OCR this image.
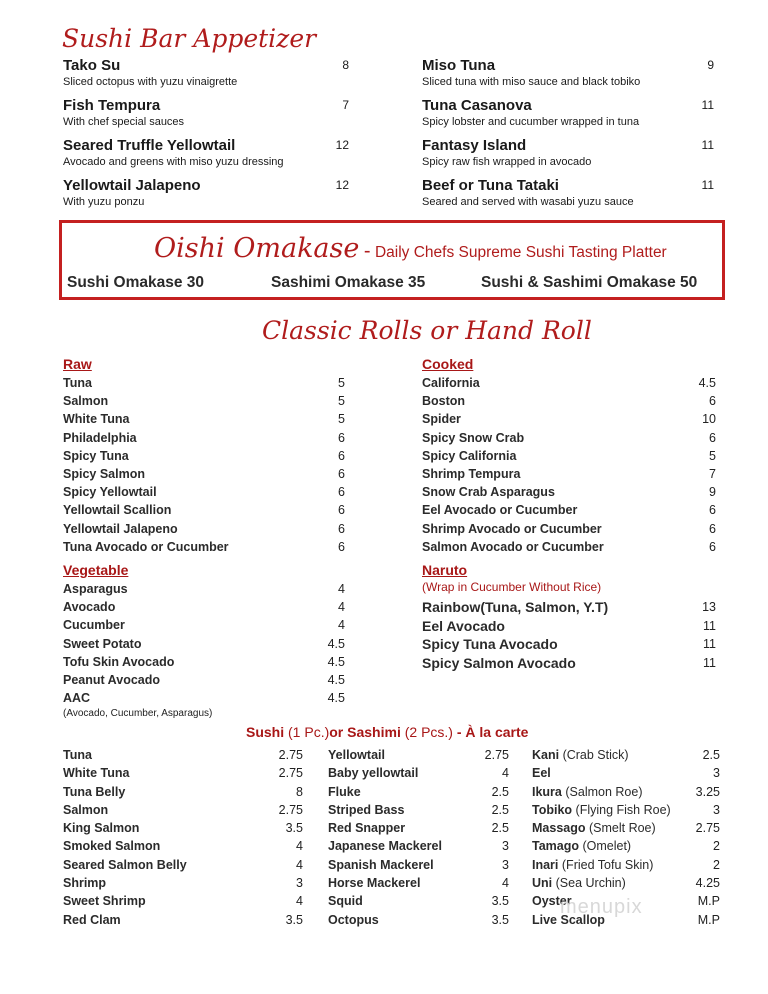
Sushi Bar Appetizer
Tako Su
Sliced octopus with yuzu vinaigrette
8
Fish Tempura
With chef special sauces
7
Seared Truffle Yellowtail
Avocado and greens with miso yuzu dressing
12
Yellowtail Jalapeno
With yuzu ponzu
12
Miso Tuna
Sliced tuna with miso sauce and black tobiko
9
Tuna Casanova
Spicy lobster and cucumber wrapped in tuna
11
Fantasy Island
Spicy raw fish wrapped in avocado
11
Beef or Tuna Tataki
Seared and served with wasabi yuzu sauce
11
Oishi Omakase - Daily Chefs Supreme Sushi Tasting Platter
Sushi Omakase 30	Sashimi Omakase 35	Sushi & Sashimi Omakase 50
Classic Rolls or Hand Roll
Raw
Tuna	5
Salmon	5
White Tuna	5
Philadelphia	6
Spicy Tuna	6
Spicy Salmon	6
Spicy Yellowtail	6
Yellowtail Scallion	6
Yellowtail Jalapeno	6
Tuna Avocado or Cucumber	6
Cooked
California	4.5
Boston	6
Spider	10
Spicy Snow Crab	6
Spicy California	5
Shrimp Tempura	7
Snow Crab Asparagus	9
Eel Avocado or Cucumber	6
Shrimp Avocado or Cucumber	6
Salmon Avocado or Cucumber	6
Vegetable
Asparagus	4
Avocado	4
Cucumber	4
Sweet Potato	4.5
Tofu Skin Avocado	4.5
Peanut Avocado	4.5
AAC	4.5
(Avocado, Cucumber, Asparagus)
Naruto
(Wrap in Cucumber Without Rice)
Rainbow(Tuna, Salmon, Y.T)	13
Eel Avocado	11
Spicy Tuna Avocado	11
Spicy Salmon Avocado	11
Sushi (1 Pc.)or Sashimi (2 Pcs.) - À la carte
Tuna	2.75
White Tuna	2.75
Tuna Belly	8
Salmon	2.75
King Salmon	3.5
Smoked Salmon	4
Seared Salmon Belly	4
Shrimp	3
Sweet Shrimp	4
Red Clam	3.5
Yellowtail	2.75
Baby yellowtail	4
Fluke	2.5
Striped Bass	2.5
Red Snapper	2.5
Japanese Mackerel	3
Spanish Mackerel	3
Horse Mackerel	4
Squid	3.5
Octopus	3.5
Kani (Crab Stick)	2.5
Eel	3
Ikura (Salmon Roe)	3.25
Tobiko (Flying Fish Roe)	3
Massago (Smelt Roe)	2.75
Tamago (Omelet)	2
Inari (Fried Tofu Skin)	2
Uni (Sea Urchin)	4.25
Oyster	M.P
Live Scallop	M.P
menupix
